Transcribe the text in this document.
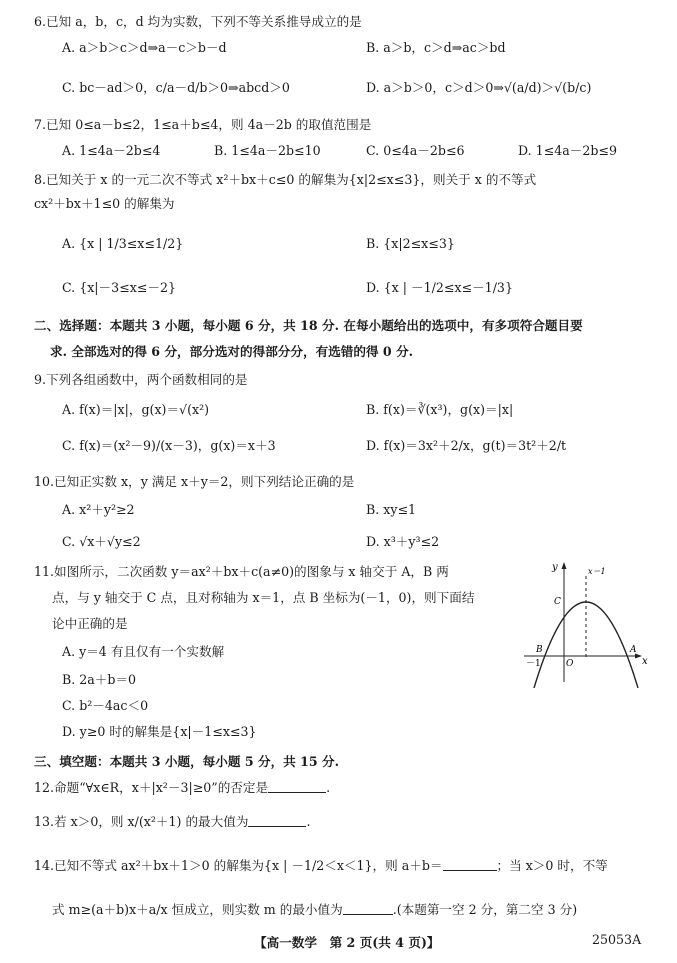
6.已知 a，b，c，d 均为实数，下列不等关系推导成立的是
A. a＞b＞c＞d⇒a－c＞b－d	B. a＞b，c＞d⇒ac＞bd
C. bc－ad＞0，c/a－d/b＞0⇒abcd＞0	D. a＞b＞0，c＞d＞0⇒√(a/d)＞√(b/c)
7.已知 0≤a－b≤2，1≤a＋b≤4，则 4a－2b 的取值范围是
A. 1≤4a－2b≤4	B. 1≤4a－2b≤10	C. 0≤4a－2b≤6	D. 1≤4a－2b≤9
8.已知关于 x 的一元二次不等式 x²＋bx＋c≤0 的解集为{x|2≤x≤3}，则关于 x 的不等式
cx²＋bx＋1≤0 的解集为
A. {x | 1/3≤x≤1/2}	B. {x|2≤x≤3}
C. {x|－3≤x≤－2}	D. {x | －1/2≤x≤－1/3}
二、选择题：本题共 3 小题，每小题 6 分，共 18 分. 在每小题给出的选项中，有多项符合题目要
求. 全部选对的得 6 分，部分选对的得部分分，有选错的得 0 分.
9.下列各组函数中，两个函数相同的是
A. f(x)＝|x|，g(x)＝√(x²)	B. f(x)＝∛(x³)，g(x)＝|x|
C. f(x)＝(x²－9)/(x－3)，g(x)＝x＋3	D. f(x)＝3x²＋2/x，g(t)＝3t²＋2/t
10.已知正实数 x，y 满足 x＋y＝2，则下列结论正确的是
A. x²＋y²≥2	B. xy≤1
C. √x＋√y≤2	D. x³＋y³≤2
11.如图所示，二次函数 y＝ax²＋bx＋c(a≠0)的图象与 x 轴交于 A，B 两
点，与 y 轴交于 C 点，且对称轴为 x＝1，点 B 坐标为(－1，0)，则下面结
论中正确的是
A. y＝4 有且仅有一个实数解
B. 2a＋b＝0
C. b²－4ac＜0
D. y≥0 时的解集是{x|－1≤x≤3}
y
x
x＝1
C
B	A
O
－1
三、填空题：本题共 3 小题，每小题 5 分，共 15 分.
12.命题“∀x∈R，x＋|x²－3|≥0”的否定是	.
13.若 x＞0，则 x/(x²＋1) 的最大值为	.
14.已知不等式 ax²＋bx＋1＞0 的解集为{x | －1/2＜x＜1}，则 a＋b＝	；当 x＞0 时，不等
式 m≥(a＋b)x＋a/x 恒成立，则实数 m 的最小值为	.(本题第一空 2 分，第二空 3 分)
【高一数学　第 2 页(共 4 页)】	25053A
